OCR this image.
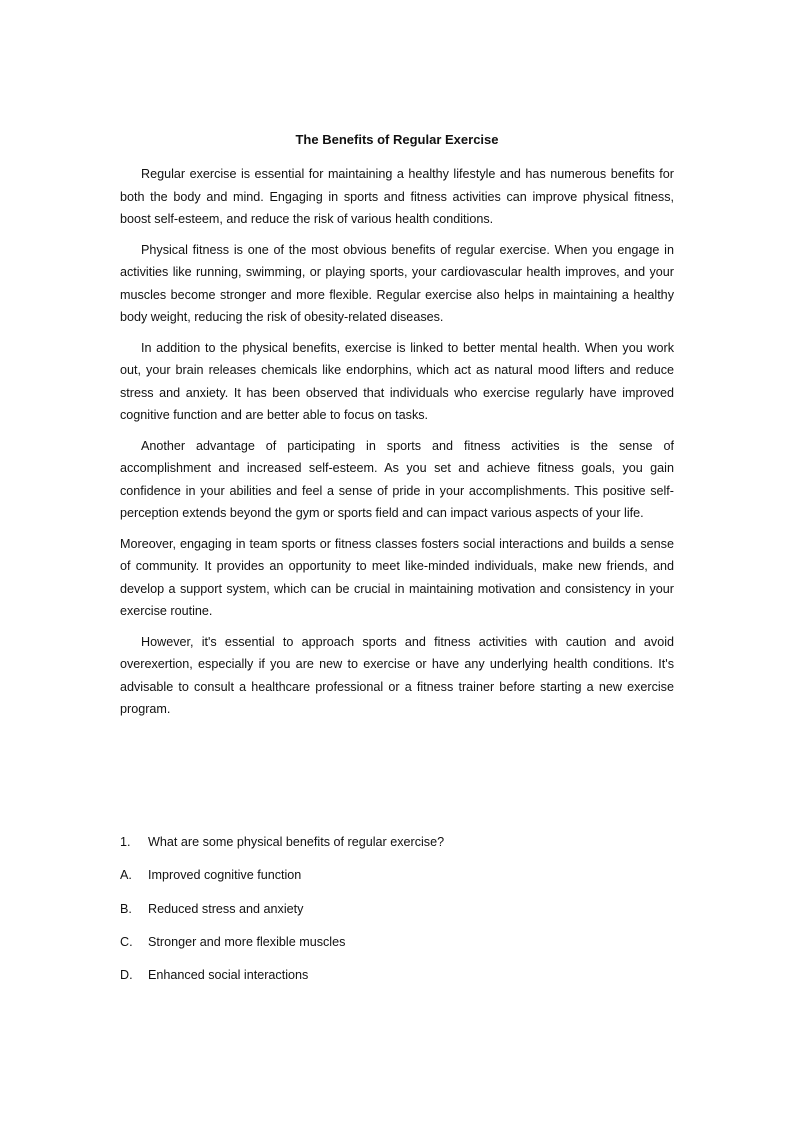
The Benefits of Regular Exercise

Regular exercise is essential for maintaining a healthy lifestyle and has numerous benefits for both the body and mind. Engaging in sports and fitness activities can improve physical fitness, boost self-esteem, and reduce the risk of various health conditions.

Physical fitness is one of the most obvious benefits of regular exercise. When you engage in activities like running, swimming, or playing sports, your cardiovascular health improves, and your muscles become stronger and more flexible. Regular exercise also helps in maintaining a healthy body weight, reducing the risk of obesity-related diseases.

In addition to the physical benefits, exercise is linked to better mental health. When you work out, your brain releases chemicals like endorphins, which act as natural mood lifters and reduce stress and anxiety. It has been observed that individuals who exercise regularly have improved cognitive function and are better able to focus on tasks.

Another advantage of participating in sports and fitness activities is the sense of accomplishment and increased self-esteem. As you set and achieve fitness goals, you gain confidence in your abilities and feel a sense of pride in your accomplishments. This positive self-perception extends beyond the gym or sports field and can impact various aspects of your life.

Moreover, engaging in team sports or fitness classes fosters social interactions and builds a sense of community. It provides an opportunity to meet like-minded individuals, make new friends, and develop a support system, which can be crucial in maintaining motivation and consistency in your exercise routine.

However, it's essential to approach sports and fitness activities with caution and avoid overexertion, especially if you are new to exercise or have any underlying health conditions. It's advisable to consult a healthcare professional or a fitness trainer before starting a new exercise program.

1.	What are some physical benefits of regular exercise?
A.	Improved cognitive function
B.	Reduced stress and anxiety
C.	Stronger and more flexible muscles
D.	Enhanced social interactions
